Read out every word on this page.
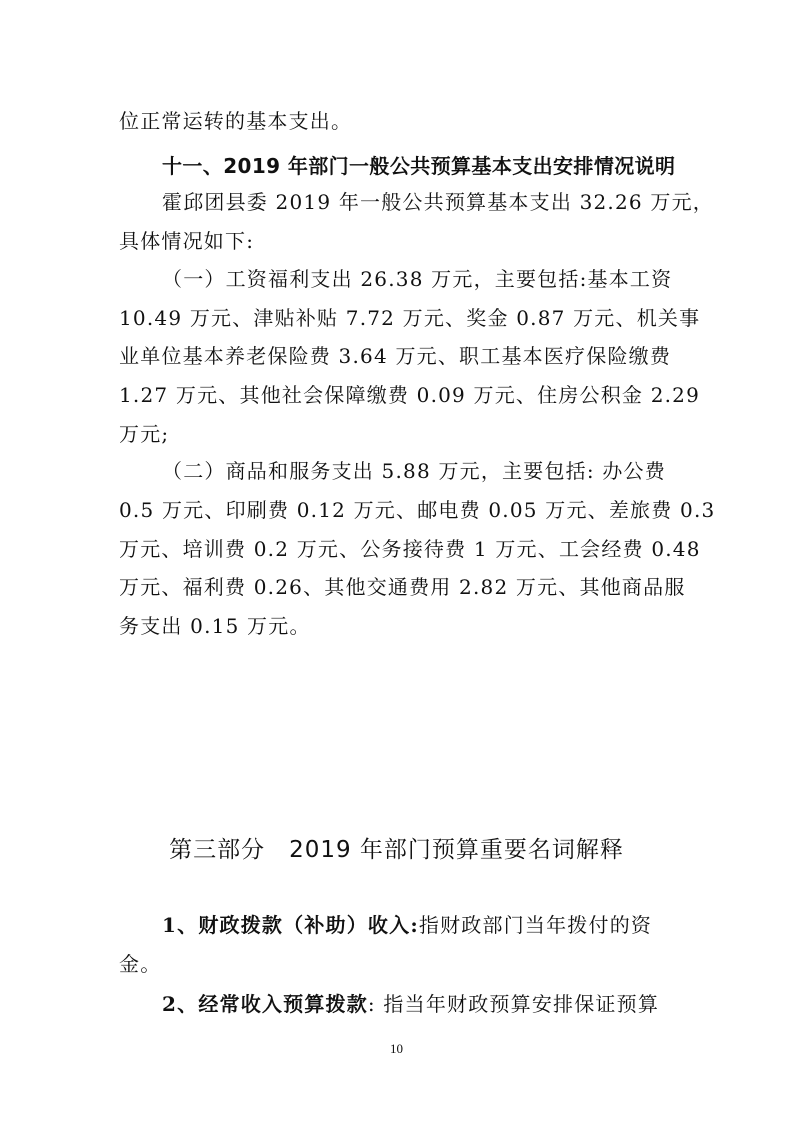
位正常运转的基本支出。
十一、2019 年部门一般公共预算基本支出安排情况说明
霍邱团县委 2019 年一般公共预算基本支出 32.26 万元，
具体情况如下:
（一）工资福利支出 26.38 万元，主要包括:基本工资
10.49 万元、津贴补贴 7.72 万元、奖金 0.87 万元、机关事
业单位基本养老保险费 3.64 万元、职工基本医疗保险缴费
1.27 万元、其他社会保障缴费 0.09 万元、住房公积金 2.29
万元;
（二）商品和服务支出 5.88 万元，主要包括: 办公费
0.5 万元、印刷费 0.12 万元、邮电费 0.05 万元、差旅费 0.3
万元、培训费 0.2 万元、公务接待费 1 万元、工会经费 0.48
万元、福利费 0.26、其他交通费用 2.82 万元、其他商品服
务支出 0.15 万元。
第三部分　2019 年部门预算重要名词解释
1、财政拨款（补助）收入:指财政部门当年拨付的资
金。
2、经常收入预算拨款: 指当年财政预算安排保证预算
10
